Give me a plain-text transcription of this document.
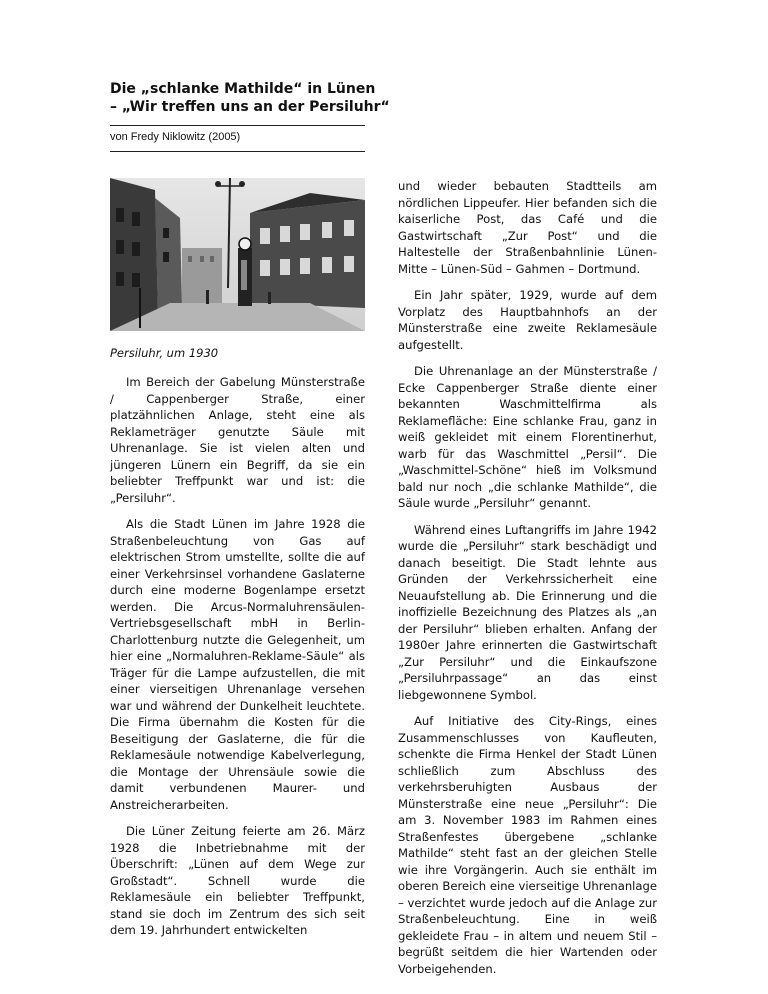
Die „schlanke Mathilde“ in Lünen
– „Wir treffen uns an der Persiluhr“
von Fredy Niklowitz (2005)
Persiluhr, um 1930

Im Bereich der Gabelung Münsterstraße / Cappenberger Straße, einer platzähnlichen Anlage, steht eine als Reklameträger genutzte Säule mit Uhrenanlage. Sie ist vielen alten und jüngeren Lünern ein Begriff, da sie ein beliebter Treffpunkt war und ist: die „Persiluhr“.

Als die Stadt Lünen im Jahre 1928 die Straßenbeleuchtung von Gas auf elektrischen Strom umstellte, sollte die auf einer Verkehrsinsel vorhandene Gaslaterne durch eine moderne Bogenlampe ersetzt werden. Die Arcus-Normaluhrensäulen-Vertriebsgesellschaft mbH in Berlin-Charlottenburg nutzte die Gelegenheit, um hier eine „Normaluhren-Reklame-Säule“ als Träger für die Lampe aufzustellen, die mit einer vierseitigen Uhrenanlage versehen war und während der Dunkelheit leuchtete. Die Firma übernahm die Kosten für die Beseitigung der Gaslaterne, die für die Reklamesäule notwendige Kabelverlegung, die Montage der Uhrensäule sowie die damit verbundenen Maurer- und Anstreicherarbeiten.

Die Lüner Zeitung feierte am 26. März 1928 die Inbetriebnahme mit der Überschrift: „Lünen auf dem Wege zur Großstadt“. Schnell wurde die Reklamesäule ein beliebter Treffpunkt, stand sie doch im Zentrum des sich seit dem 19. Jahrhundert entwickelten

und wieder bebauten Stadtteils am nördlichen Lippeufer. Hier befanden sich die kaiserliche Post, das Café und die Gastwirtschaft „Zur Post“ und die Haltestelle der Straßenbahnlinie Lünen-Mitte – Lünen-Süd – Gahmen – Dortmund.

Ein Jahr später, 1929, wurde auf dem Vorplatz des Hauptbahnhofs an der Münsterstraße eine zweite Reklamesäule aufgestellt.

Die Uhrenanlage an der Münsterstraße / Ecke Cappenberger Straße diente einer bekannten Waschmittelfirma als Reklamefläche: Eine schlanke Frau, ganz in weiß gekleidet mit einem Florentinerhut, warb für das Waschmittel „Persil“. Die „Waschmittel-Schöne“ hieß im Volksmund bald nur noch „die schlanke Mathilde“, die Säule wurde „Persiluhr“ genannt.

Während eines Luftangriffs im Jahre 1942 wurde die „Persiluhr“ stark beschädigt und danach beseitigt. Die Stadt lehnte aus Gründen der Verkehrssicherheit eine Neuaufstellung ab. Die Erinnerung und die inoffizielle Bezeichnung des Platzes als „an der Persiluhr“ blieben erhalten. Anfang der 1980er Jahre erinnerten die Gastwirtschaft „Zur Persiluhr“ und die Einkaufszone „Persiluhrpassage“ an das einst liebgewonnene Symbol.

Auf Initiative des City-Rings, eines Zusammenschlusses von Kaufleuten, schenkte die Firma Henkel der Stadt Lünen schließlich zum Abschluss des verkehrsberuhigten Ausbaus der Münsterstraße eine neue „Persiluhr“: Die am 3. November 1983 im Rahmen eines Straßenfestes übergebene „schlanke Mathilde“ steht fast an der gleichen Stelle wie ihre Vorgängerin. Auch sie enthält im oberen Bereich eine vierseitige Uhrenanlage – verzichtet wurde jedoch auf die Anlage zur Straßenbeleuchtung. Eine in weiß gekleidete Frau – in altem und neuem Stil – begrüßt seitdem die hier Wartenden oder Vorbeigehenden.
